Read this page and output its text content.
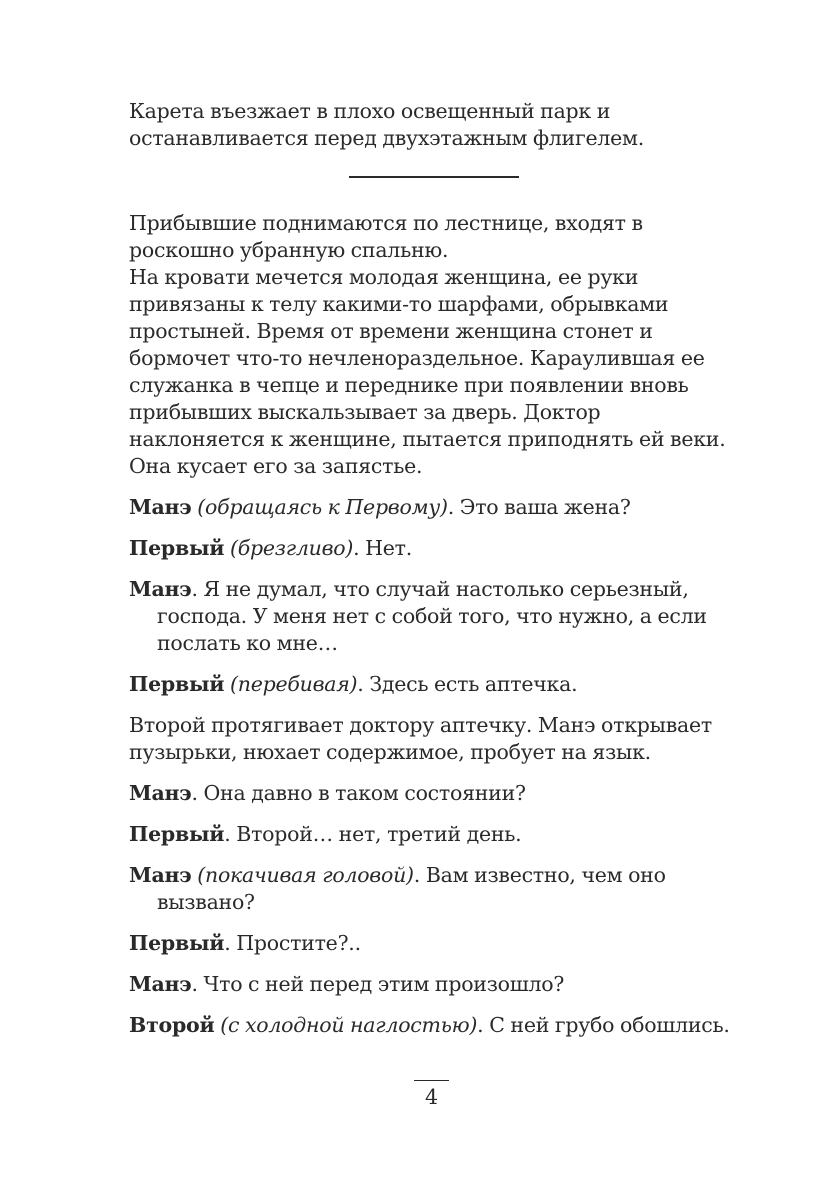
Карета въезжает в плохо освещенный парк и останавливается перед двухэтажным флигелем.

Прибывшие поднимаются по лестнице, входят в роскошно убранную спальню.

На кровати мечется молодая женщина, ее руки привязаны к телу какими-то шарфами, обрывками простыней. Время от времени женщина стонет и бормочет что-то нечленораздельное. Караулившая ее служанка в чепце и переднике при появлении вновь прибывших выскальзывает за дверь. Доктор наклоняется к женщине, пытается приподнять ей веки. Она кусает его за запястье.

Манэ (обращаясь к Первому). Это ваша жена?

Первый (брезгливо). Нет.

Манэ. Я не думал, что случай настолько серьезный, господа. У меня нет с собой того, что нужно, а если послать ко мне…

Первый (перебивая). Здесь есть аптечка.

Второй протягивает доктору аптечку. Манэ открывает пузырьки, нюхает содержимое, пробует на язык.

Манэ. Она давно в таком состоянии?

Первый. Второй… нет, третий день.

Манэ (покачивая головой). Вам известно, чем оно вызвано?

Первый. Простите?..

Манэ. Что с ней перед этим произошло?

Второй (с холодной наглостью). С ней грубо обошлись.

4
